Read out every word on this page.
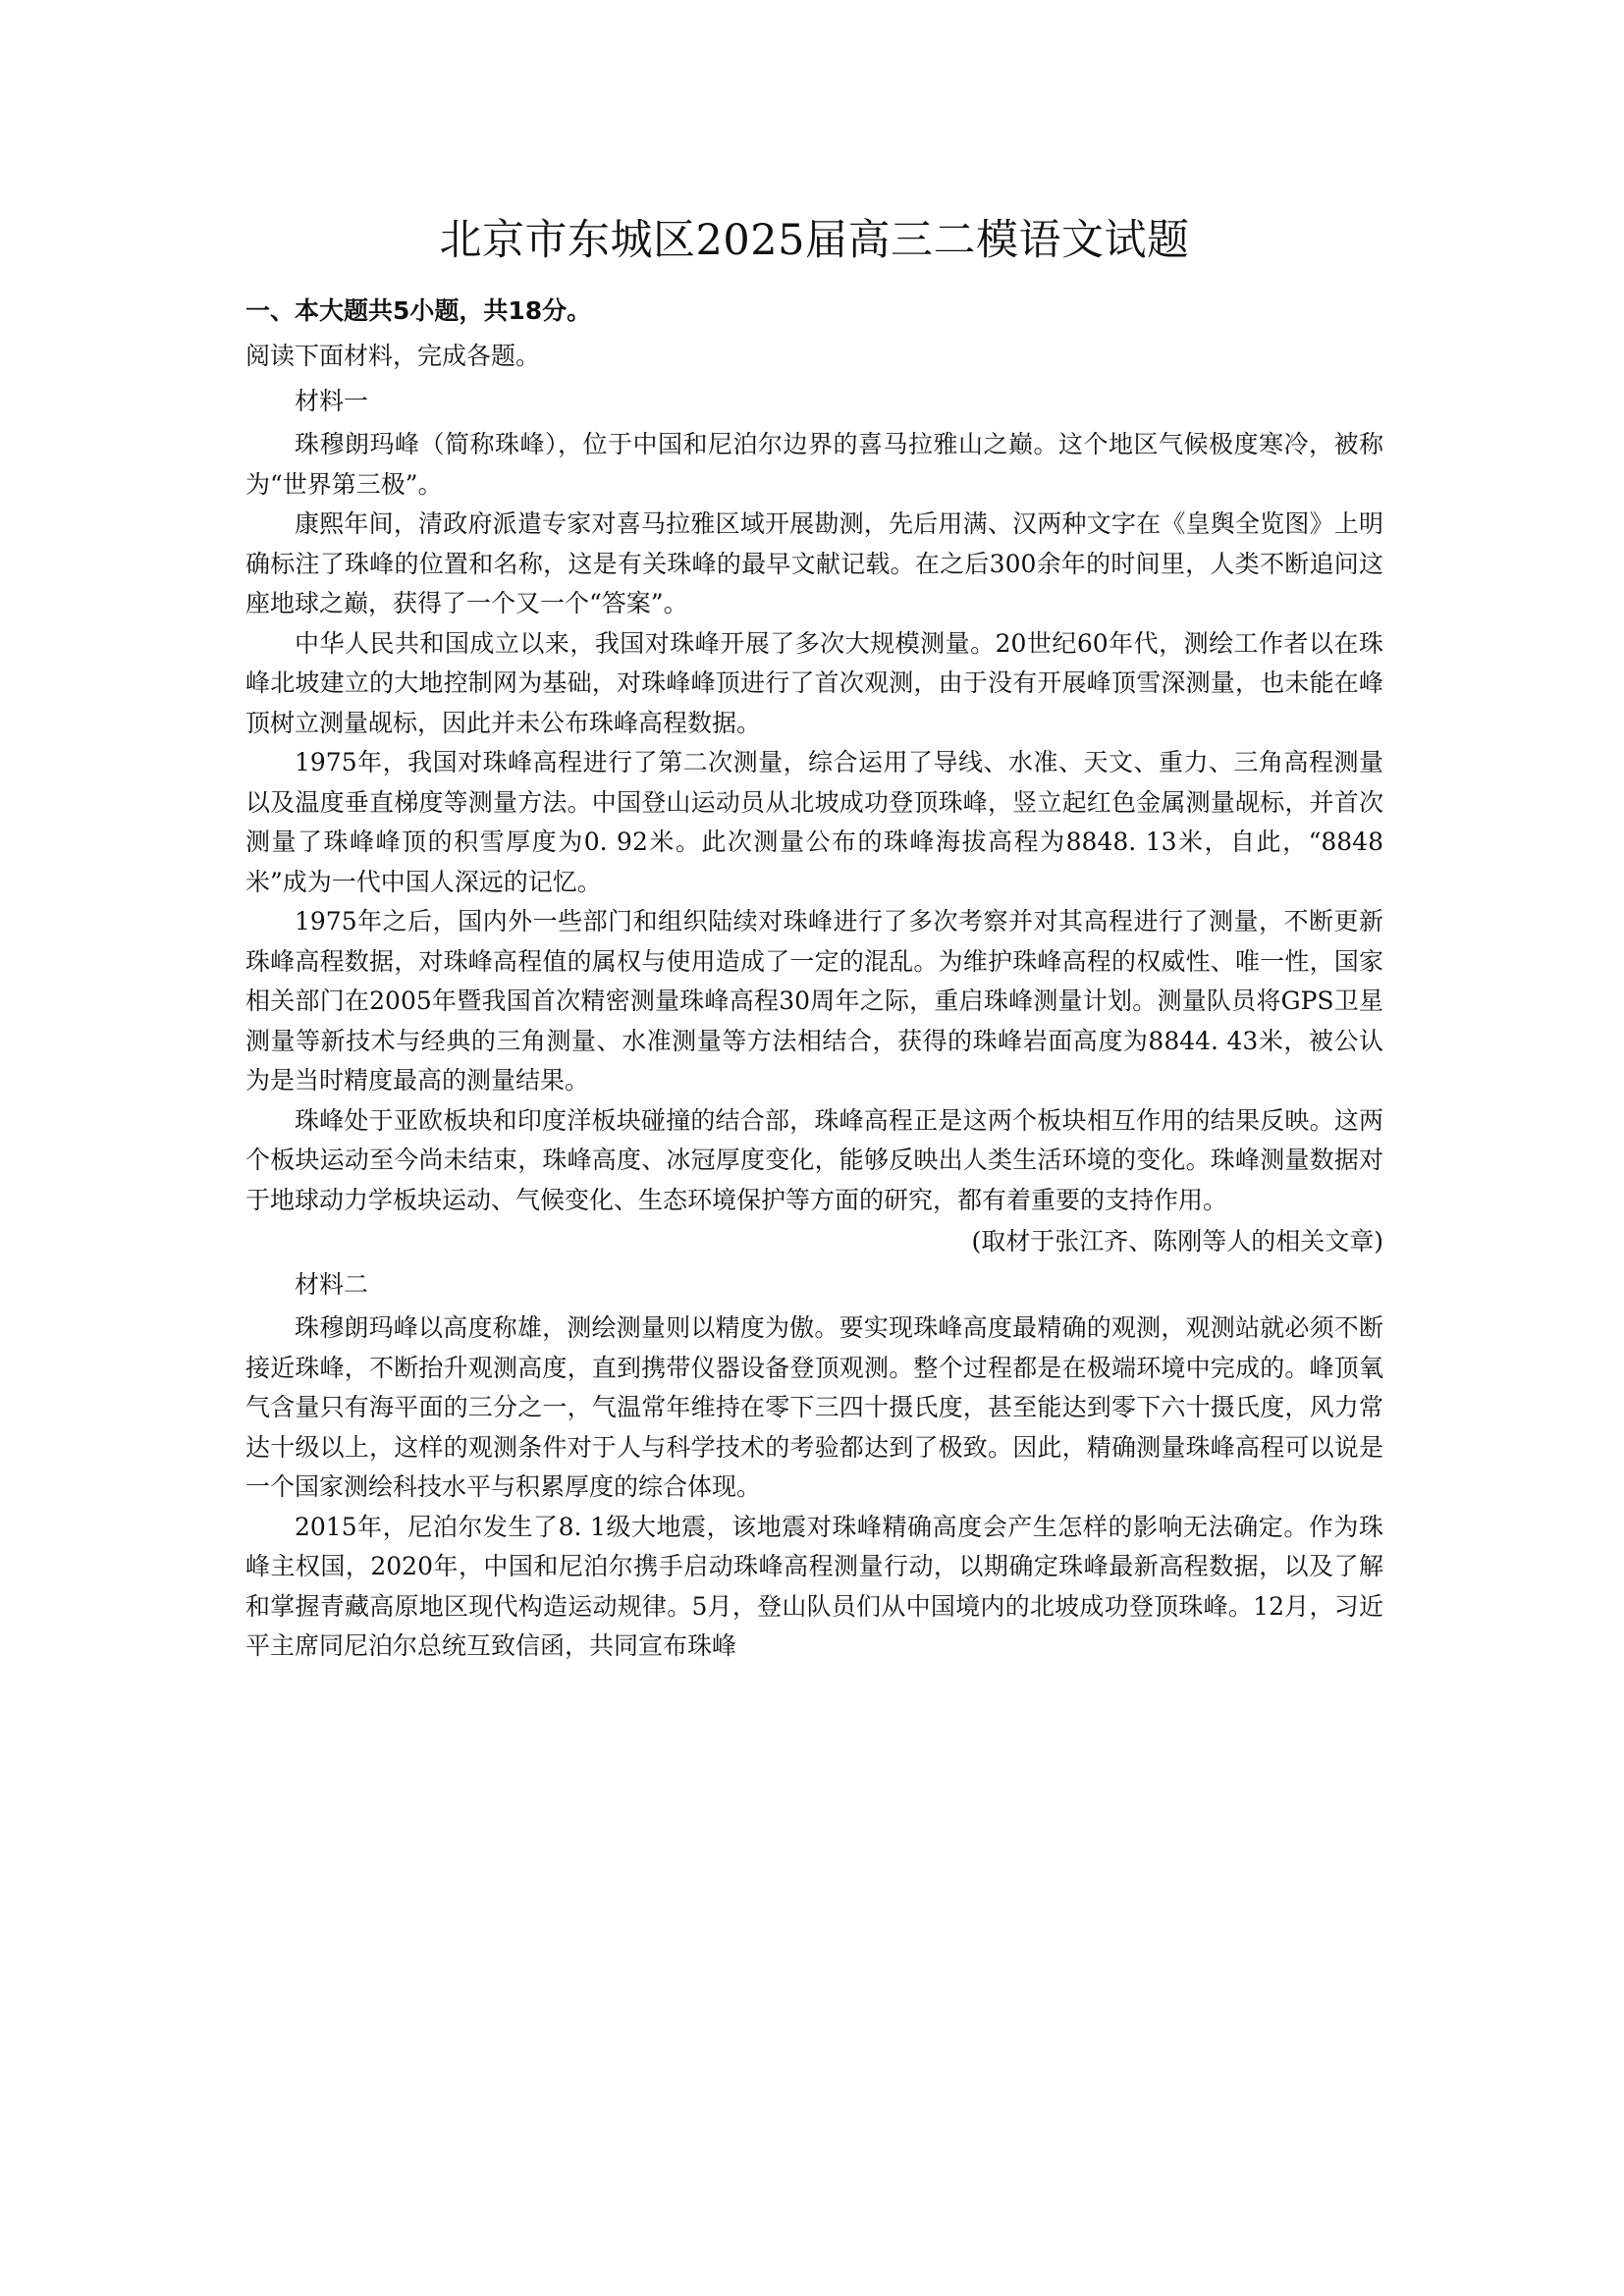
北京市东城区2025届高三二模语文试题
一、本大题共5小题，共18分。
阅读下面材料，完成各题。
材料一

珠穆朗玛峰（简称珠峰），位于中国和尼泊尔边界的喜马拉雅山之巅。这个地区气候极度寒冷，被称为“世界第三极”。

康熙年间，清政府派遣专家对喜马拉雅区域开展勘测，先后用满、汉两种文字在《皇舆全览图》上明确标注了珠峰的位置和名称，这是有关珠峰的最早文献记载。在之后300余年的时间里，人类不断追问这座地球之巅，获得了一个又一个“答案”。

中华人民共和国成立以来，我国对珠峰开展了多次大规模测量。20世纪60年代，测绘工作者以在珠峰北坡建立的大地控制网为基础，对珠峰峰顶进行了首次观测，由于没有开展峰顶雪深测量，也未能在峰顶树立测量觇标，因此并未公布珠峰高程数据。

1975年，我国对珠峰高程进行了第二次测量，综合运用了导线、水准、天文、重力、三角高程测量以及温度垂直梯度等测量方法。中国登山运动员从北坡成功登顶珠峰，竖立起红色金属测量觇标，并首次测量了珠峰峰顶的积雪厚度为0. 92米。此次测量公布的珠峰海拔高程为8848. 13米，自此，“8848米”成为一代中国人深远的记忆。

1975年之后，国内外一些部门和组织陆续对珠峰进行了多次考察并对其高程进行了测量，不断更新珠峰高程数据，对珠峰高程值的属权与使用造成了一定的混乱。为维护珠峰高程的权威性、唯一性，国家相关部门在2005年暨我国首次精密测量珠峰高程30周年之际，重启珠峰测量计划。测量队员将GPS卫星测量等新技术与经典的三角测量、水准测量等方法相结合，获得的珠峰岩面高度为8844. 43米，被公认为是当时精度最高的测量结果。

珠峰处于亚欧板块和印度洋板块碰撞的结合部，珠峰高程正是这两个板块相互作用的结果反映。这两个板块运动至今尚未结束，珠峰高度、冰冠厚度变化，能够反映出人类生活环境的变化。珠峰测量数据对于地球动力学板块运动、气候变化、生态环境保护等方面的研究，都有着重要的支持作用。

(取材于张江齐、陈刚等人的相关文章)
材料二

珠穆朗玛峰以高度称雄，测绘测量则以精度为傲。要实现珠峰高度最精确的观测，观测站就必须不断接近珠峰，不断抬升观测高度，直到携带仪器设备登顶观测。整个过程都是在极端环境中完成的。峰顶氧气含量只有海平面的三分之一，气温常年维持在零下三四十摄氏度，甚至能达到零下六十摄氏度，风力常达十级以上，这样的观测条件对于人与科学技术的考验都达到了极致。因此，精确测量珠峰高程可以说是一个国家测绘科技水平与积累厚度的综合体现。

2015年，尼泊尔发生了8. 1级大地震，该地震对珠峰精确高度会产生怎样的影响无法确定。作为珠峰主权国，2020年，中国和尼泊尔携手启动珠峰高程测量行动，以期确定珠峰最新高程数据，以及了解和掌握青藏高原地区现代构造运动规律。5月，登山队员们从中国境内的北坡成功登顶珠峰。12月，习近平主席同尼泊尔总统互致信函，共同宣布珠峰
